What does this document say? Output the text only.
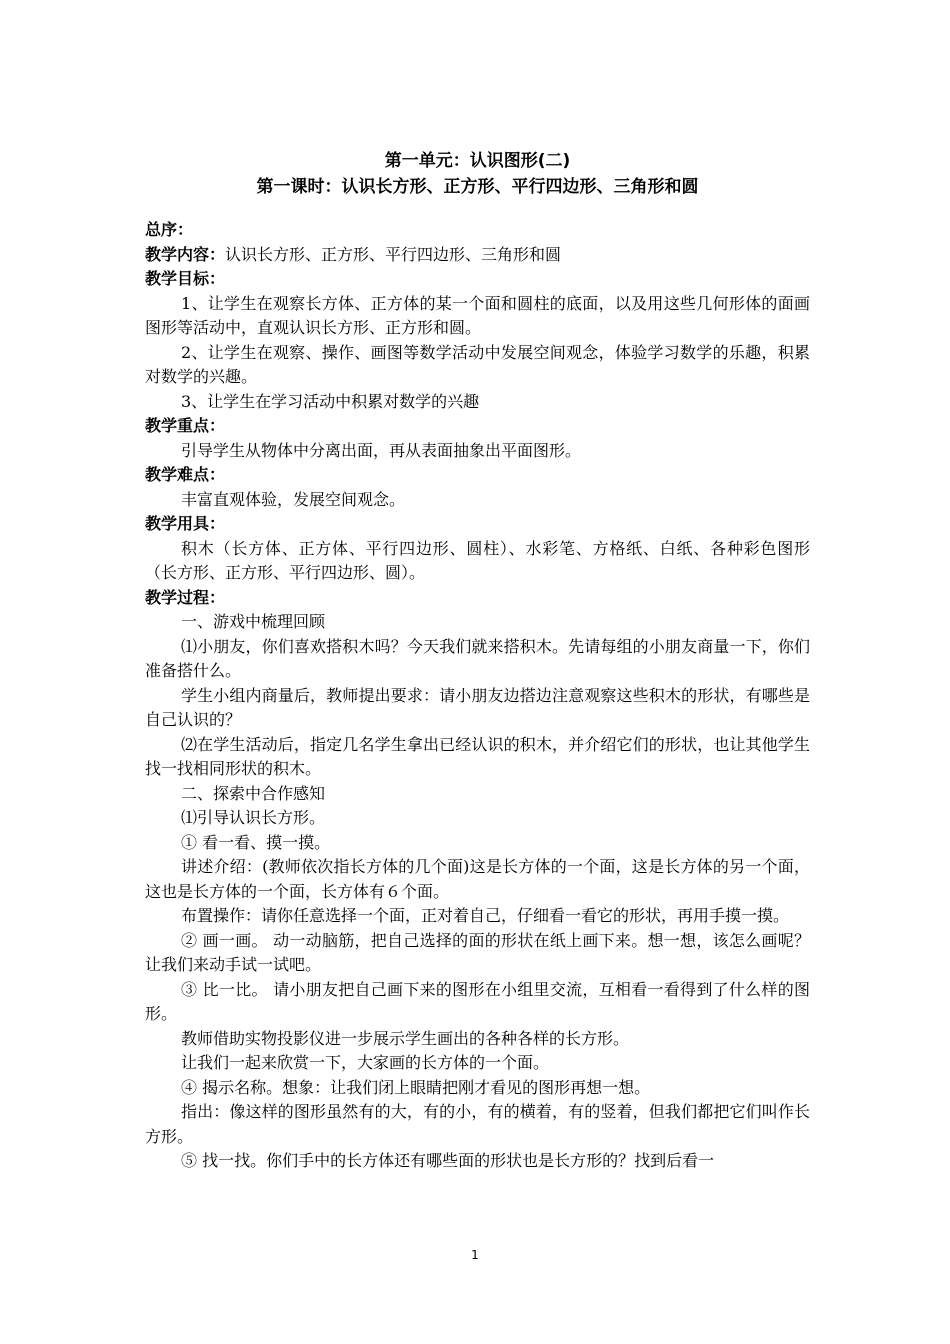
第一单元：认识图形(二)
第一课时：认识长方形、正方形、平行四边形、三角形和圆
总序：
教学内容：认识长方形、正方形、平行四边形、三角形和圆
教学目标：

1、让学生在观察长方体、正方体的某一个面和圆柱的底面，以及用这些几何形体的面画图形等活动中，直观认识长方形、正方形和圆。

2、让学生在观察、操作、画图等数学活动中发展空间观念，体验学习数学的乐趣，积累对数学的兴趣。

3、让学生在学习活动中积累对数学的兴趣

教学重点：

引导学生从物体中分离出面，再从表面抽象出平面图形。

教学难点：

丰富直观体验，发展空间观念。

教学用具：

积木（长方体、正方体、平行四边形、圆柱）、水彩笔、方格纸、白纸、各种彩色图形（长方形、正方形、平行四边形、圆）。

教学过程：

一、游戏中梳理回顾

⑴小朋友，你们喜欢搭积木吗？今天我们就来搭积木。先请每组的小朋友商量一下，你们准备搭什么。

学生小组内商量后，教师提出要求：请小朋友边搭边注意观察这些积木的形状，有哪些是自己认识的？

⑵在学生活动后，指定几名学生拿出已经认识的积木，并介绍它们的形状，也让其他学生找一找相同形状的积木。

二、探索中合作感知

⑴引导认识长方形。

① 看一看、摸一摸。

讲述介绍：(教师依次指长方体的几个面)这是长方体的一个面，这是长方体的另一个面，这也是长方体的一个面，长方体有６个面。

布置操作：请你任意选择一个面，正对着自己，仔细看一看它的形状，再用手摸一摸。

② 画一画。 动一动脑筋，把自己选择的面的形状在纸上画下来。想一想，该怎么画呢？让我们来动手试一试吧。

③ 比一比。 请小朋友把自己画下来的图形在小组里交流，互相看一看得到了什么样的图形。

教师借助实物投影仪进一步展示学生画出的各种各样的长方形。

让我们一起来欣赏一下，大家画的长方体的一个面。

④ 揭示名称。想象：让我们闭上眼睛把刚才看见的图形再想一想。

指出：像这样的图形虽然有的大，有的小，有的横着，有的竖着，但我们都把它们叫作长方形。

⑤ 找一找。你们手中的长方体还有哪些面的形状也是长方形的？找到后看一

1
